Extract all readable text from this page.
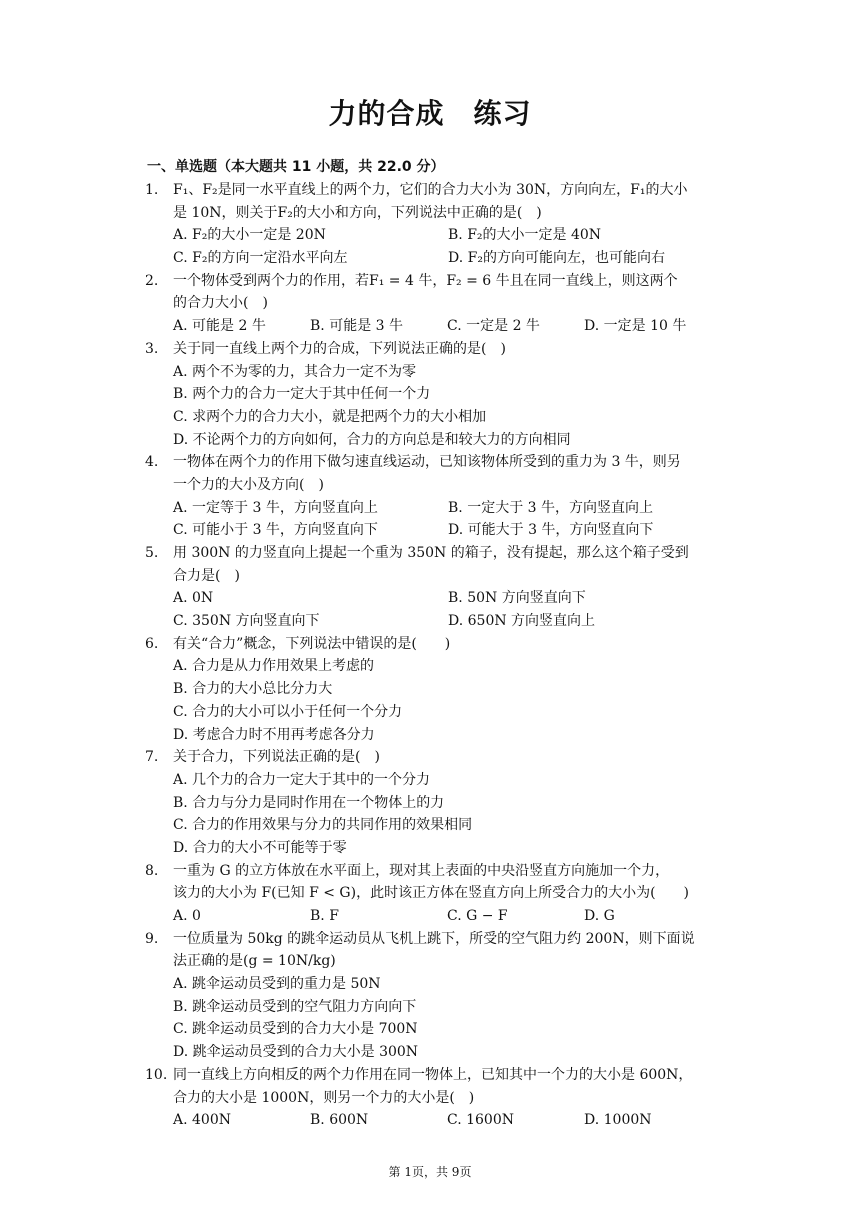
力的合成　练习
一、单选题（本大题共 11 小题，共 22.0 分）
1.	F₁、F₂是同一水平直线上的两个力，它们的合力大小为 30N，方向向左，F₁的大小
是 10N，则关于F₂的大小和方向，下列说法中正确的是(　)
A. F₂的大小一定是 20N	B. F₂的大小一定是 40N
C. F₂的方向一定沿水平向左	D. F₂的方向可能向左，也可能向右
2.	一个物体受到两个力的作用，若F₁ = 4 牛，F₂ = 6 牛且在同一直线上，则这两个
的合力大小(　)
A. 可能是 2 牛	B. 可能是 3 牛	C. 一定是 2 牛	D. 一定是 10 牛
3.	关于同一直线上两个力的合成，下列说法正确的是(　)
A. 两个不为零的力，其合力一定不为零
B. 两个力的合力一定大于其中任何一个力
C. 求两个力的合力大小，就是把两个力的大小相加
D. 不论两个力的方向如何，合力的方向总是和较大力的方向相同
4.	一物体在两个力的作用下做匀速直线运动，已知该物体所受到的重力为 3 牛，则另
一个力的大小及方向(　)
A. 一定等于 3 牛，方向竖直向上	B. 一定大于 3 牛，方向竖直向上
C. 可能小于 3 牛，方向竖直向下	D. 可能大于 3 牛，方向竖直向下
5.	用 300N 的力竖直向上提起一个重为 350N 的箱子，没有提起，那么这个箱子受到
合力是(　)
A. 0N	B. 50N 方向竖直向下
C. 350N 方向竖直向下	D. 650N 方向竖直向上
6.	有关“合力”概念，下列说法中错误的是(　　)
A. 合力是从力作用效果上考虑的
B. 合力的大小总比分力大
C. 合力的大小可以小于任何一个分力
D. 考虑合力时不用再考虑各分力
7.	关于合力，下列说法正确的是(　)
A. 几个力的合力一定大于其中的一个分力
B. 合力与分力是同时作用在一个物体上的力
C. 合力的作用效果与分力的共同作用的效果相同
D. 合力的大小不可能等于零
8.	一重为 G 的立方体放在水平面上，现对其上表面的中央沿竖直方向施加一个力，
该力的大小为 F(已知 F < G)，此时该正方体在竖直方向上所受合力的大小为(　　)
A. 0	B. F	C. G − F	D. G
9.	一位质量为 50kg 的跳伞运动员从飞机上跳下，所受的空气阻力约 200N，则下面说
法正确的是(g = 10N/kg)
A. 跳伞运动员受到的重力是 50N
B. 跳伞运动员受到的空气阻力方向向下
C. 跳伞运动员受到的合力大小是 700N
D. 跳伞运动员受到的合力大小是 300N
10. 同一直线上方向相反的两个力作用在同一物体上，已知其中一个力的大小是 600N，
合力的大小是 1000N，则另一个力的大小是(　)
A. 400N	B. 600N	C. 1600N	D. 1000N
第 1页，共 9页
